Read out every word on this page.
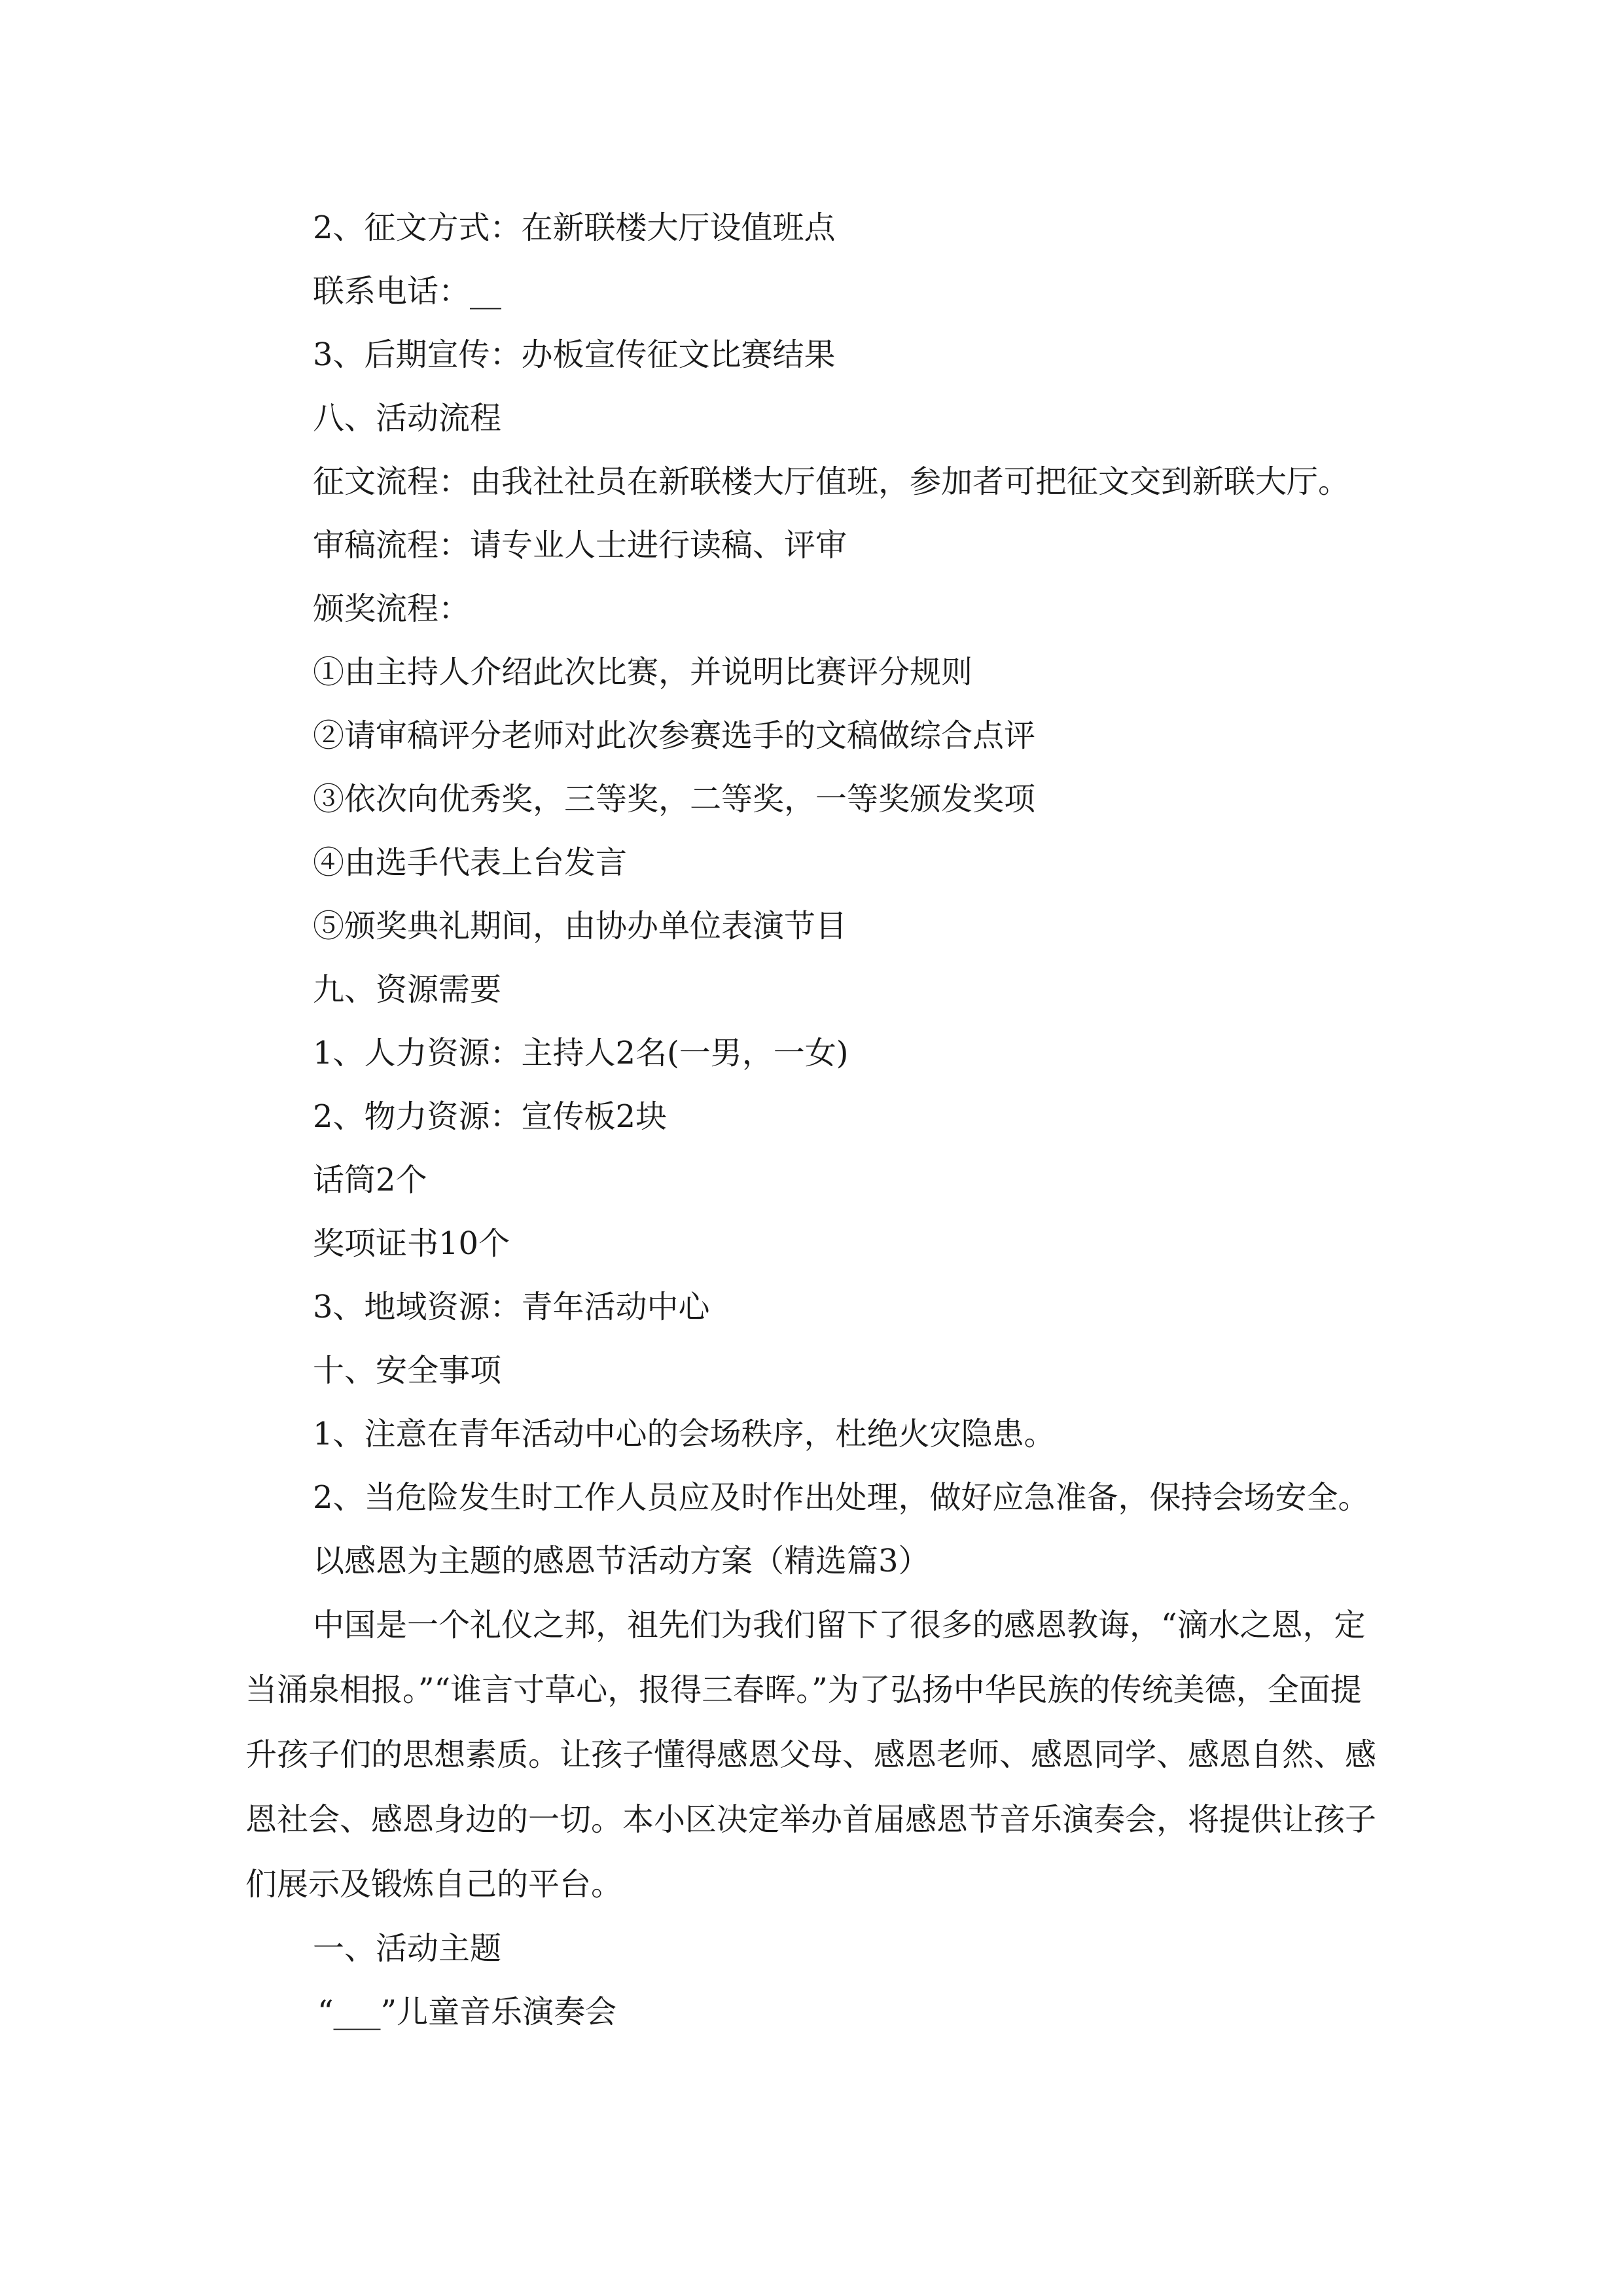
2、征文方式：在新联楼大厅设值班点
联系电话：__
3、后期宣传：办板宣传征文比赛结果
八、活动流程
征文流程：由我社社员在新联楼大厅值班，参加者可把征文交到新联大厅。
审稿流程：请专业人士进行读稿、评审
颁奖流程：
①由主持人介绍此次比赛，并说明比赛评分规则
②请审稿评分老师对此次参赛选手的文稿做综合点评
③依次向优秀奖，三等奖，二等奖，一等奖颁发奖项
④由选手代表上台发言
⑤颁奖典礼期间，由协办单位表演节目
九、资源需要
1、人力资源：主持人2名(一男，一女)
2、物力资源：宣传板2块
话筒2个
奖项证书10个
3、地域资源：青年活动中心
十、安全事项
1、注意在青年活动中心的会场秩序，杜绝火灾隐患。
2、当危险发生时工作人员应及时作出处理，做好应急准备，保持会场安全。
以感恩为主题的感恩节活动方案（精选篇3）

中国是一个礼仪之邦，祖先们为我们留下了很多的感恩教诲，“滴水之恩，定当涌泉相报。”“谁言寸草心，报得三春晖。”为了弘扬中华民族的传统美德，全面提升孩子们的思想素质。让孩子懂得感恩父母、感恩老师、感恩同学、感恩自然、感恩社会、感恩身边的一切。本小区决定举办首届感恩节音乐演奏会，将提供让孩子们展示及锻炼自己的平台。

一、活动主题
“___”儿童音乐演奏会
